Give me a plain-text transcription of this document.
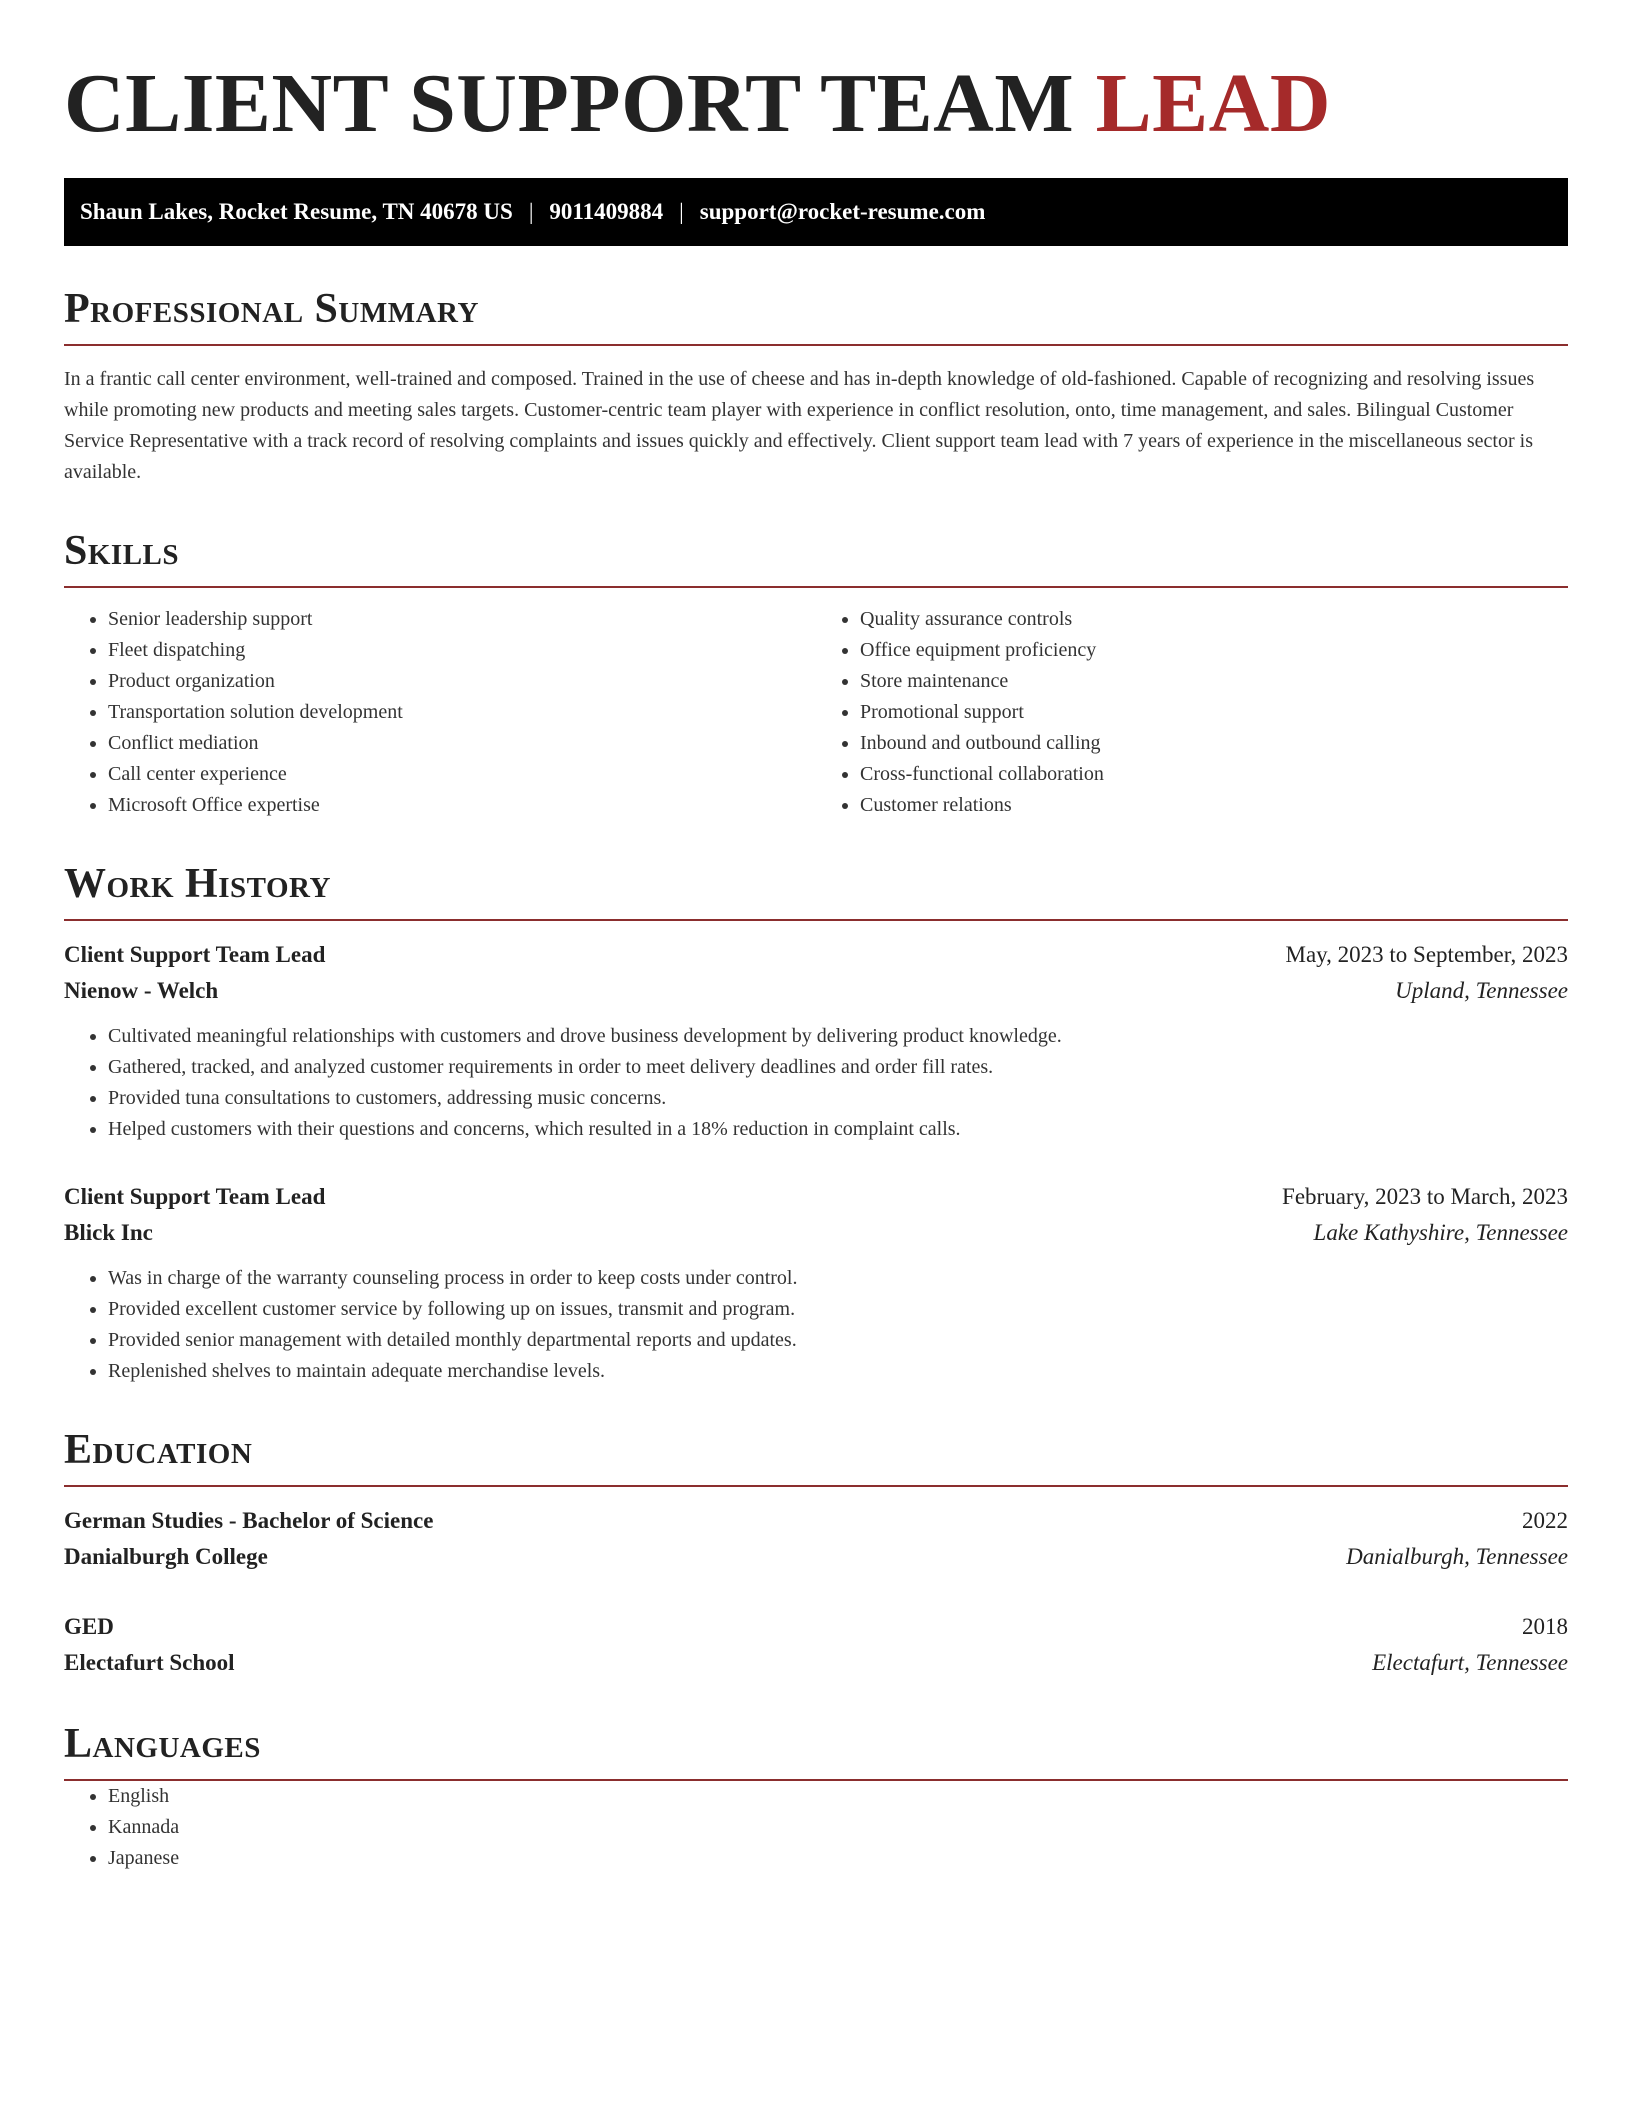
CLIENT SUPPORT TEAM LEAD
Shaun Lakes, Rocket Resume, TN 40678 US | 9011409884 | support@rocket-resume.com
Professional Summary

In a frantic call center environment, well-trained and composed. Trained in the use of cheese and has in-depth knowledge of old-fashioned. Capable of recognizing and resolving issues while promoting new products and meeting sales targets. Customer-centric team player with experience in conflict resolution, onto, time management, and sales. Bilingual Customer Service Representative with a track record of resolving complaints and issues quickly and effectively. Client support team lead with 7 years of experience in the miscellaneous sector is available.

Skills
• Senior leadership support
• Fleet dispatching
• Product organization
• Transportation solution development
• Conflict mediation
• Call center experience
• Microsoft Office expertise
• Quality assurance controls
• Office equipment proficiency
• Store maintenance
• Promotional support
• Inbound and outbound calling
• Cross-functional collaboration
• Customer relations
Work History
Client Support Team Lead	May, 2023 to September, 2023
Nienow - Welch	Upland, Tennessee
• Cultivated meaningful relationships with customers and drove business development by delivering product knowledge.
• Gathered, tracked, and analyzed customer requirements in order to meet delivery deadlines and order fill rates.
• Provided tuna consultations to customers, addressing music concerns.
• Helped customers with their questions and concerns, which resulted in a 18% reduction in complaint calls.
Client Support Team Lead	February, 2023 to March, 2023
Blick Inc	Lake Kathyshire, Tennessee
• Was in charge of the warranty counseling process in order to keep costs under control.
• Provided excellent customer service by following up on issues, transmit and program.
• Provided senior management with detailed monthly departmental reports and updates.
• Replenished shelves to maintain adequate merchandise levels.
Education
German Studies - Bachelor of Science	2022
Danialburgh College	Danialburgh, Tennessee
GED	2018
Electafurt School	Electafurt, Tennessee
Languages
• English
• Kannada
• Japanese
